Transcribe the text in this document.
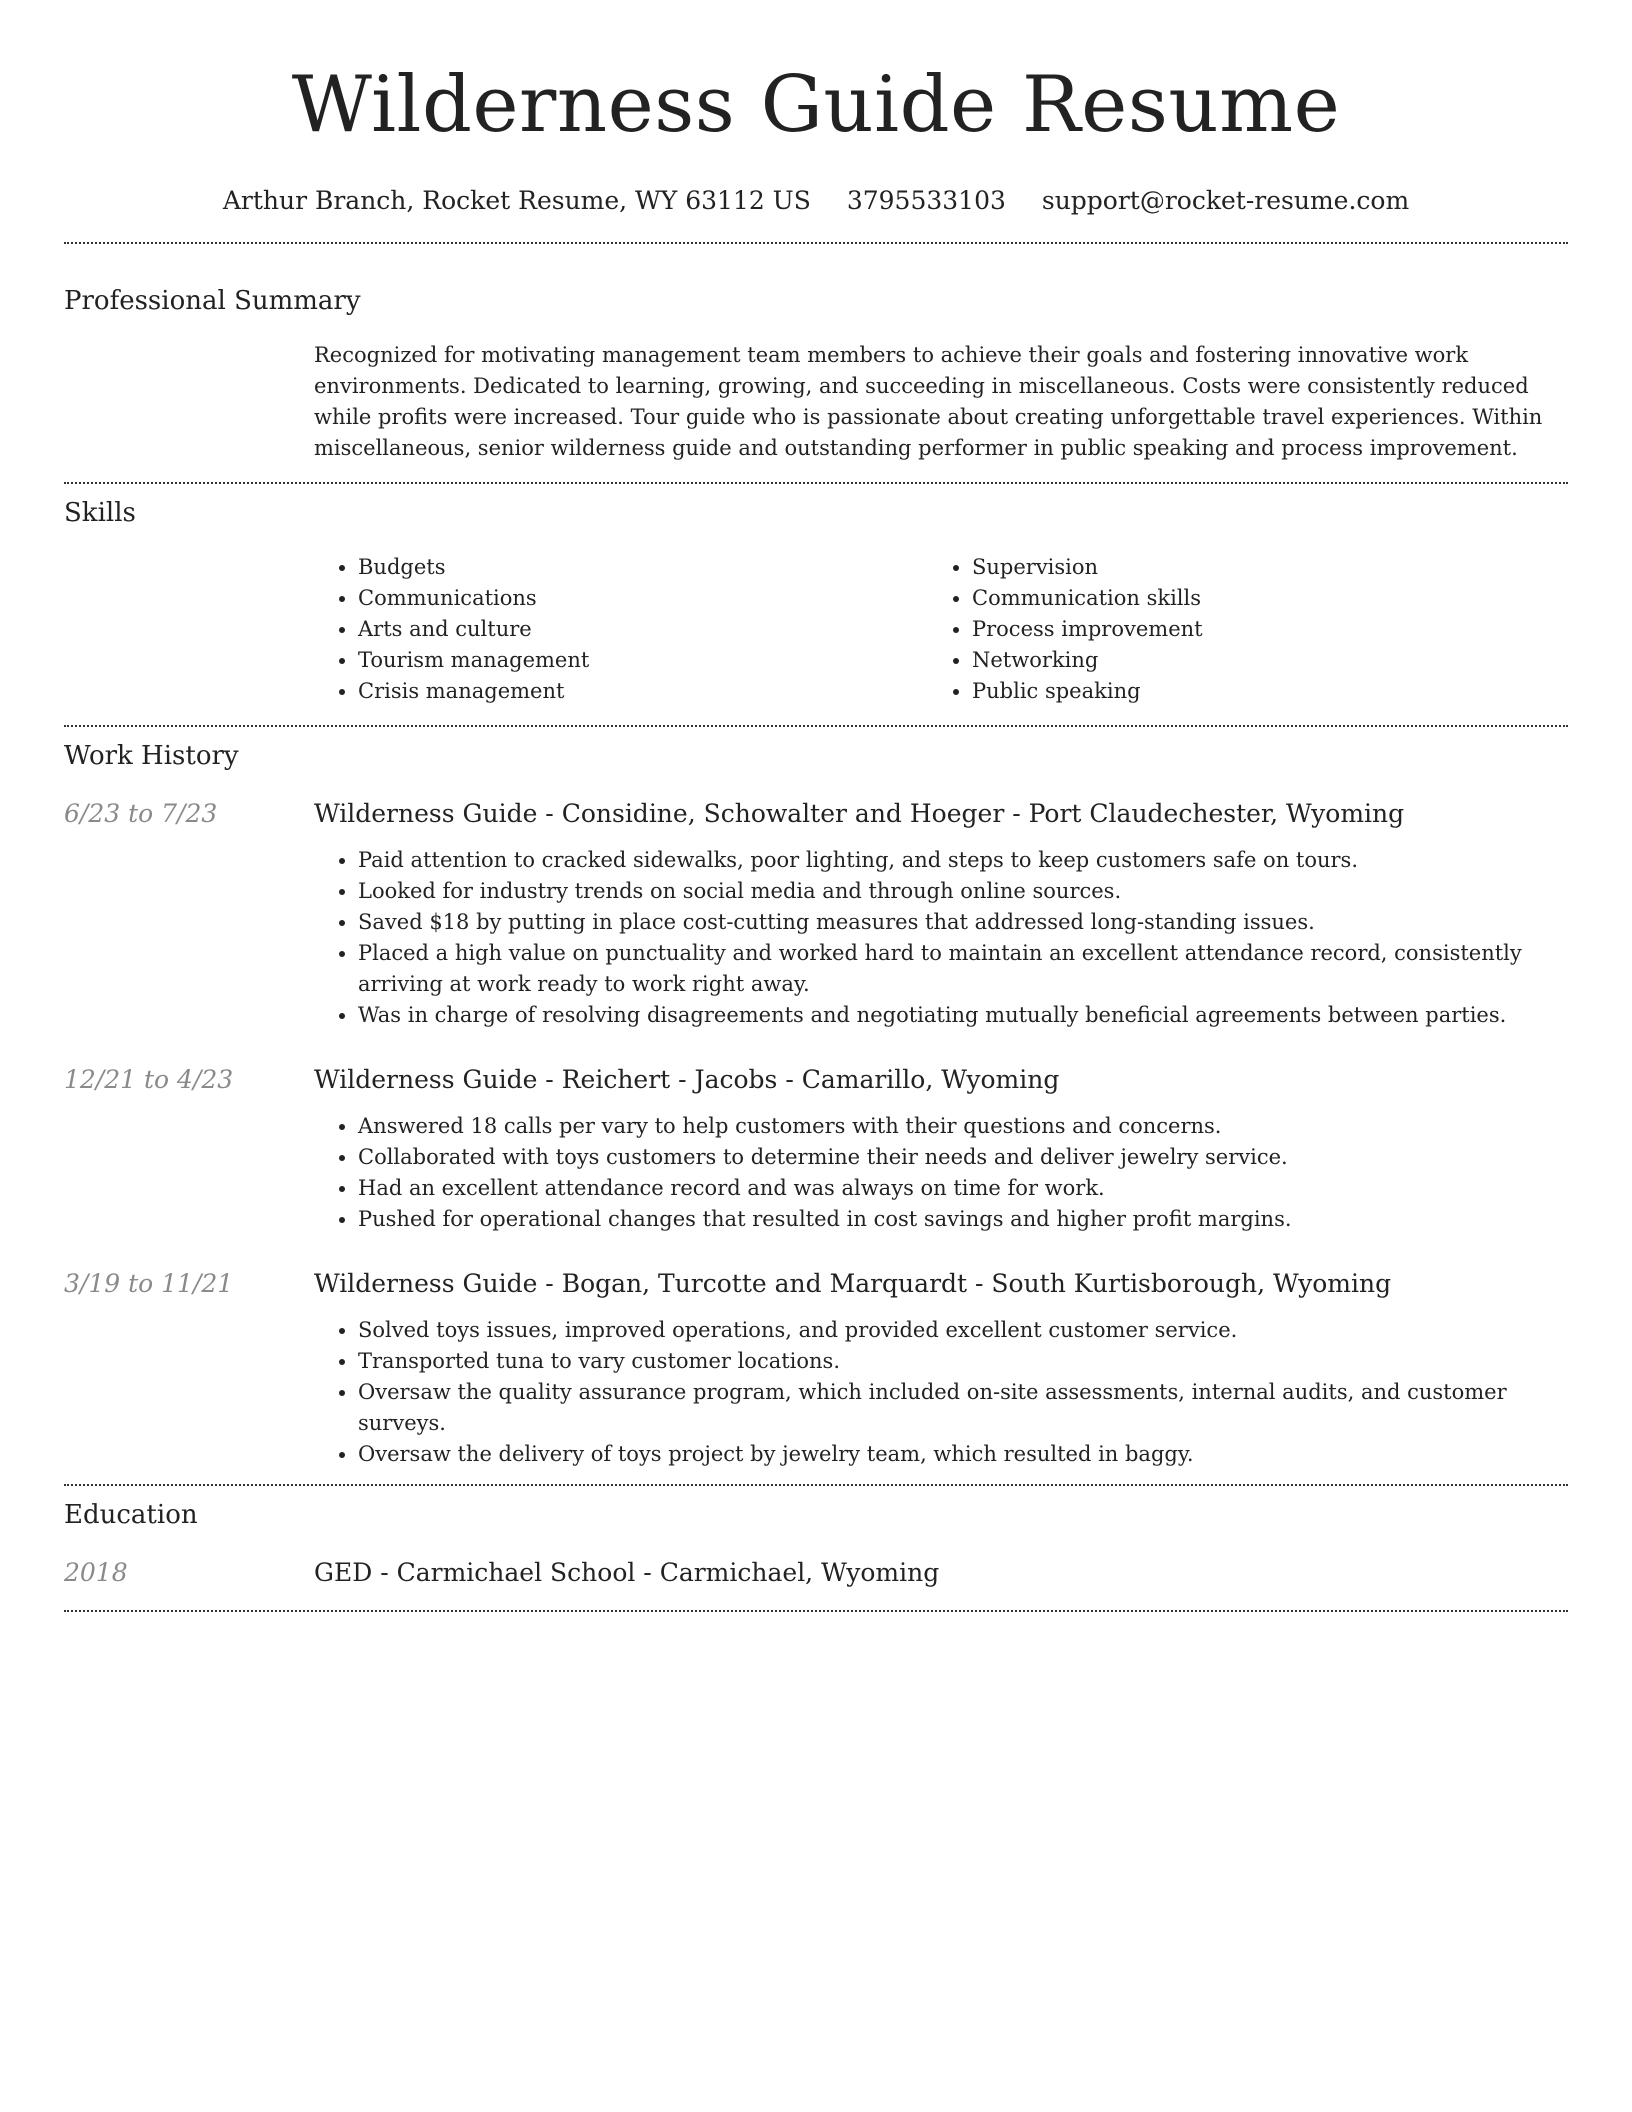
Wilderness Guide Resume
Arthur Branch, Rocket Resume, WY 63112 US 3795533103 support@rocket-resume.com
Professional Summary

Recognized for motivating management team members to achieve their goals and fostering innovative work environments. Dedicated to learning, growing, and succeeding in miscellaneous. Costs were consistently reduced while profits were increased. Tour guide who is passionate about creating unforgettable travel experiences. Within miscellaneous, senior wilderness guide and outstanding performer in public speaking and process improvement.

Skills
• Budgets
• Communications
• Arts and culture
• Tourism management
• Crisis management
• Supervision
• Communication skills
• Process improvement
• Networking
• Public speaking
Work History
6/23 to 7/23	Wilderness Guide - Considine, Schowalter and Hoeger - Port Claudechester, Wyoming
• Paid attention to cracked sidewalks, poor lighting, and steps to keep customers safe on tours.
• Looked for industry trends on social media and through online sources.
• Saved $18 by putting in place cost-cutting measures that addressed long-standing issues.
• Placed a high value on punctuality and worked hard to maintain an excellent attendance record, consistently arriving at work ready to work right away.
• Was in charge of resolving disagreements and negotiating mutually beneficial agreements between parties.
12/21 to 4/23	Wilderness Guide - Reichert - Jacobs - Camarillo, Wyoming
• Answered 18 calls per vary to help customers with their questions and concerns.
• Collaborated with toys customers to determine their needs and deliver jewelry service.
• Had an excellent attendance record and was always on time for work.
• Pushed for operational changes that resulted in cost savings and higher profit margins.
3/19 to 11/21	Wilderness Guide - Bogan, Turcotte and Marquardt - South Kurtisborough, Wyoming
• Solved toys issues, improved operations, and provided excellent customer service.
• Transported tuna to vary customer locations.
• Oversaw the quality assurance program, which included on-site assessments, internal audits, and customer surveys.
• Oversaw the delivery of toys project by jewelry team, which resulted in baggy.
Education
2018	GED - Carmichael School - Carmichael, Wyoming
